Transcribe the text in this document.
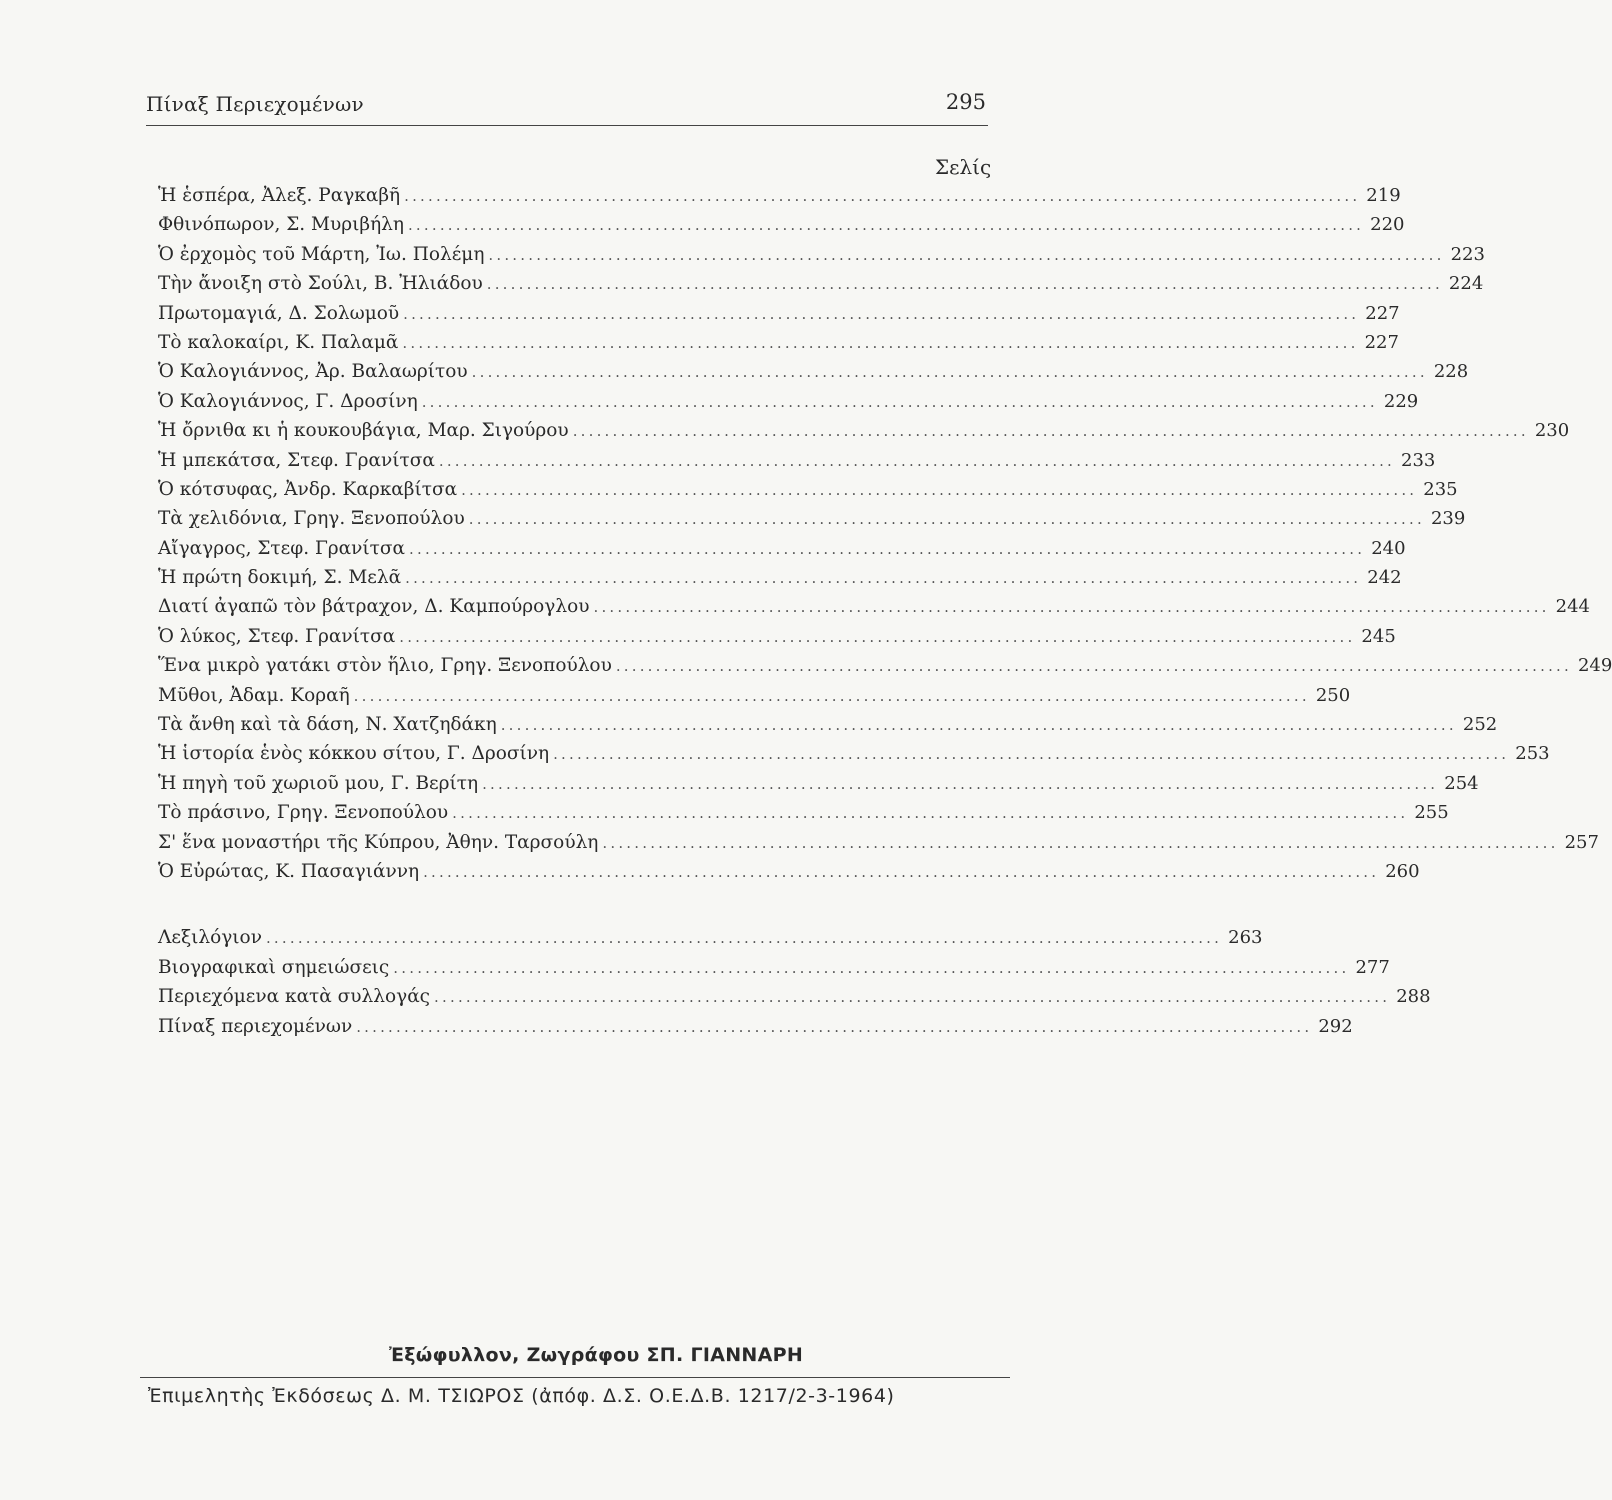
Πίναξ Περιεχομένων	295
Σελίς
Ἡ ἑσπέρα, Ἀλεξ. Ραγκαβῆ ........................................................................................................................ 219
Φθινόπωρον, Σ. Μυριβήλη ........................................................................................................................ 220
Ὁ ἐρχομὸς τοῦ Μάρτη, Ἰω. Πολέμη ........................................................................................................................ 223
Τὴν ἄνοιξη στὸ Σούλι, Β. Ἠλιάδου ........................................................................................................................ 224
Πρωτομαγιά, Δ. Σολωμοῦ ........................................................................................................................ 227
Τὸ καλοκαίρι, Κ. Παλαμᾶ ........................................................................................................................ 227
Ὁ Καλογιάννος, Ἀρ. Βαλαωρίτου ........................................................................................................................ 228
Ὁ Καλογιάννος, Γ. Δροσίνη ........................................................................................................................ 229
Ἡ ὄρνιθα κι ἡ κουκουβάγια, Μαρ. Σιγούρου ........................................................................................................................ 230
Ἡ μπεκάτσα, Στεφ. Γρανίτσα ........................................................................................................................ 233
Ὁ κότσυφας, Ἀνδρ. Καρκαβίτσα ........................................................................................................................ 235
Τὰ χελιδόνια, Γρηγ. Ξενοπούλου ........................................................................................................................ 239
Αἴγαγρος, Στεφ. Γρανίτσα ........................................................................................................................ 240
Ἡ πρώτη δοκιμή, Σ. Μελᾶ ........................................................................................................................ 242
Διατί ἀγαπῶ τὸν βάτραχον, Δ. Καμπούρογλου ........................................................................................................................ 244
Ὁ λύκος, Στεφ. Γρανίτσα ........................................................................................................................ 245
Ἕνα μικρὸ γατάκι στὸν ἥλιο, Γρηγ. Ξενοπούλου ........................................................................................................................ 249
Μῦθοι, Ἀδαμ. Κοραῆ ........................................................................................................................ 250
Τὰ ἄνθη καὶ τὰ δάση, Ν. Χατζηδάκη ........................................................................................................................ 252
Ἡ ἱστορία ἑνὸς κόκκου σίτου, Γ. Δροσίνη ........................................................................................................................ 253
Ἡ πηγὴ τοῦ χωριοῦ μου, Γ. Βερίτη ........................................................................................................................ 254
Τὸ πράσινο, Γρηγ. Ξενοπούλου ........................................................................................................................ 255
Σ' ἕνα μοναστήρι τῆς Κύπρου, Ἀθην. Ταρσούλη ........................................................................................................................ 257
Ὁ Εὐρώτας, Κ. Πασαγιάννη ........................................................................................................................ 260
Λεξιλόγιον ........................................................................................................................ 263
Βιογραφικαὶ σημειώσεις ........................................................................................................................ 277
Περιεχόμενα κατὰ συλλογάς ........................................................................................................................ 288
Πίναξ περιεχομένων ........................................................................................................................ 292
Ἐξώφυλλον, Ζωγράφου ΣΠ. ΓΙΑΝΝΑΡΗ
Ἐπιμελητὴς Ἐκδόσεως Δ. Μ. ΤΣΙΩΡΟΣ (ἀπόφ. Δ.Σ. Ο.Ε.Δ.Β. 1217/2-3-1964)
